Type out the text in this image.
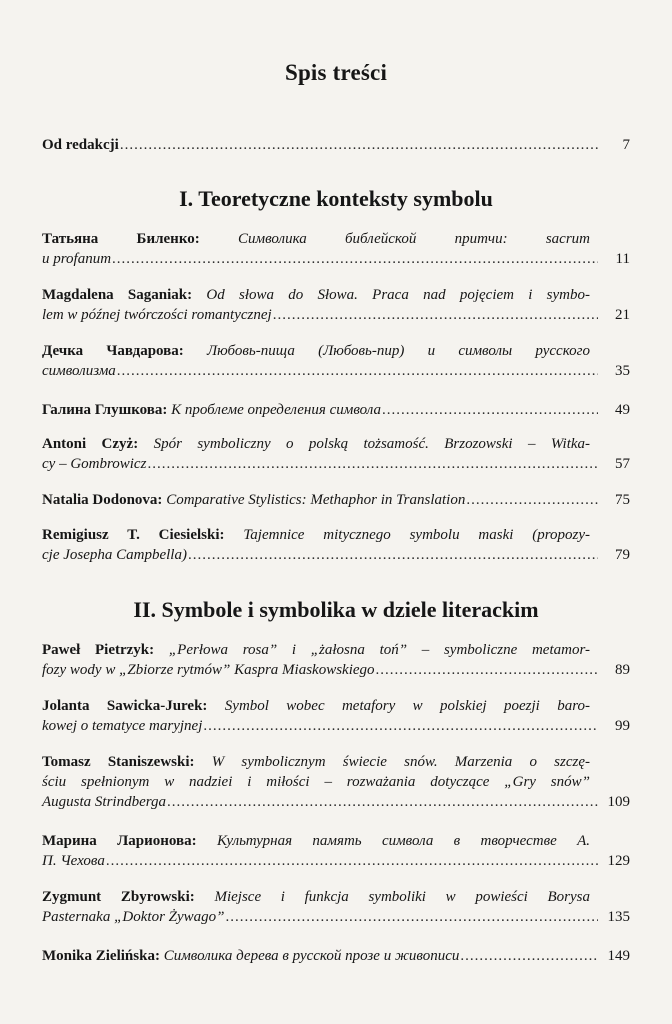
Spis treści
Od redakcji .....	7
I. Teoretyczne konteksty symbolu
Татьяна Биленко:	Символика библейской притчи: sacrum
u profanum .....	11
Magdalena Saganiak: Od słowa do Słowa. Praca nad pojęciem i symbo-
lem w późnej twórczości romantycznej .....	21
Дечка Чавдарова: Любовь-пища (Любовь-пир) и символы русского
символизма .....	35
Галина Глушкова: К проблеме определения символа .....	49
Antoni Czyż: Spór symboliczny o polską tożsamość. Brzozowski – Witka-
cy – Gombrowicz .....	57
Natalia Dodonova: Comparative Stylistics: Methaphor in Translation .....	75
Remigiusz T. Ciesielski: Tajemnice mitycznego symbolu maski (propozy-
cje Josepha Campbella) .....	79
II. Symbole i symbolika w dziele literackim
Paweł Pietrzyk: „Perłowa rosa” i „żałosna toń” – symboliczne metamor-
fozy wody w „Zbiorze rytmów” Kaspra Miaskowskiego .....	89
Jolanta Sawicka-Jurek: Symbol wobec metafory w polskiej poezji baro-
kowej o tematyce maryjnej .....	99
Tomasz Staniszewski: W symbolicznym świecie snów. Marzenia o szczę-
ściu spełnionym w nadziei i miłości – rozważania dotyczące „Gry snów”
Augusta Strindberga .....	109
Марина Ларионова: Культурная память символа в творчестве А.
П. Чехова .....	129
Zygmunt Zbyrowski: Miejsce i funkcja symboliki w powieści Borysa
Pasternaka „Doktor Żywago” .....	135
Monika Zielińska: Символика дерева в русской прозе и живописи .....	149
